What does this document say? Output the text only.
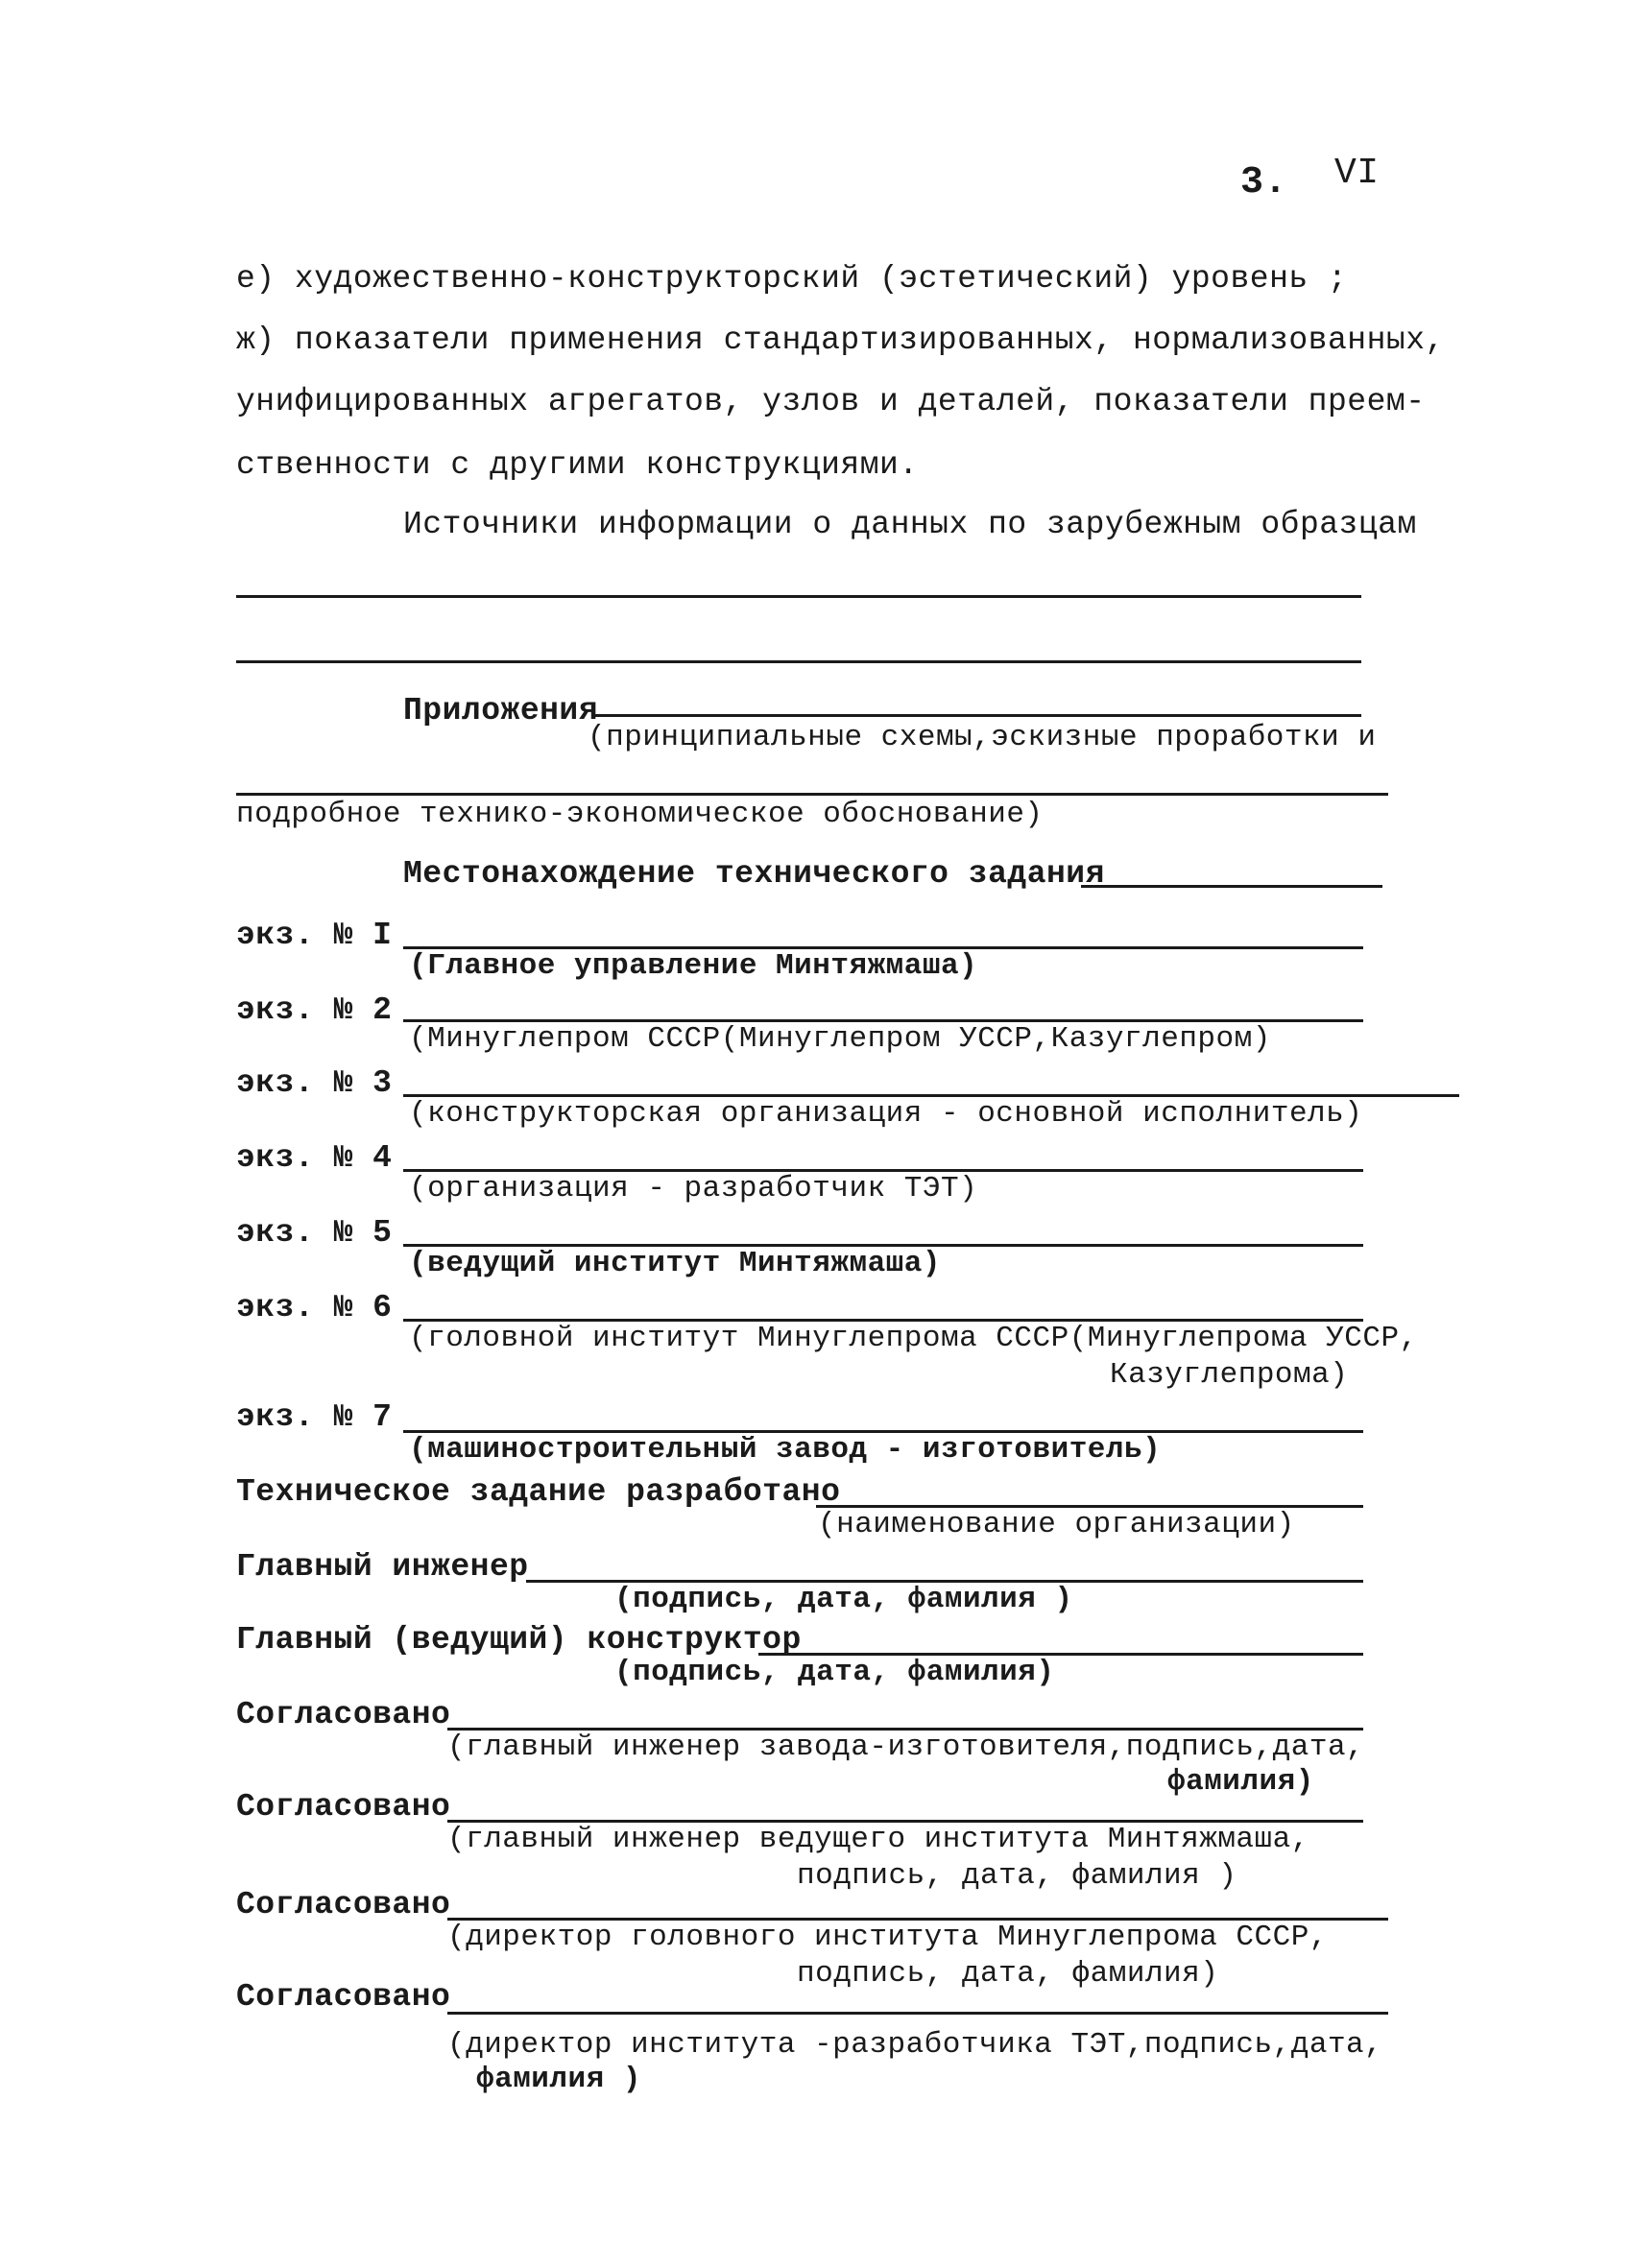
3. VI
е) художественно-конструкторский (эстетический) уровень ;
ж) показатели применения стандартизированных, нормализованных,
унифицированных агрегатов, узлов и деталей, показатели преем-
ственности с другими конструкциями.
Источники информации о данных по зарубежным образцам
Приложения
(принципиальные схемы,эскизные проработки и
подробное технико-экономическое обоснование)
Местонахождение технического задания
экз. № I
(Главное управление Минтяжмаша)
экз. № 2
(Минуглепром СССР(Минуглепром УССР,Казуглепром)
экз. № 3
(конструкторская организация - основной исполнитель)
экз. № 4
(организация - разработчик ТЭТ)
экз. № 5
(ведущий институт Минтяжмаша)
экз. № 6
(головной институт Минуглепрома СССР(Минуглепрома УССР,
Казуглепрома)
экз. № 7
(машиностроительный завод - изготовитель)
Техническое задание разработано
(наименование организации)
Главный инженер
(подпись, дата, фамилия )
Главный (ведущий) конструктор
(подпись, дата, фамилия)
Согласовано
(главный инженер завода-изготовителя,подпись,дата,
фамилия)
Согласовано
(главный инженер ведущего института Минтяжмаша,
подпись, дата, фамилия )
Согласовано
(директор головного института Минуглепрома СССР,
подпись, дата, фамилия)
Согласовано
(директор института -разработчика ТЭТ,подпись,дата,
фамилия )
